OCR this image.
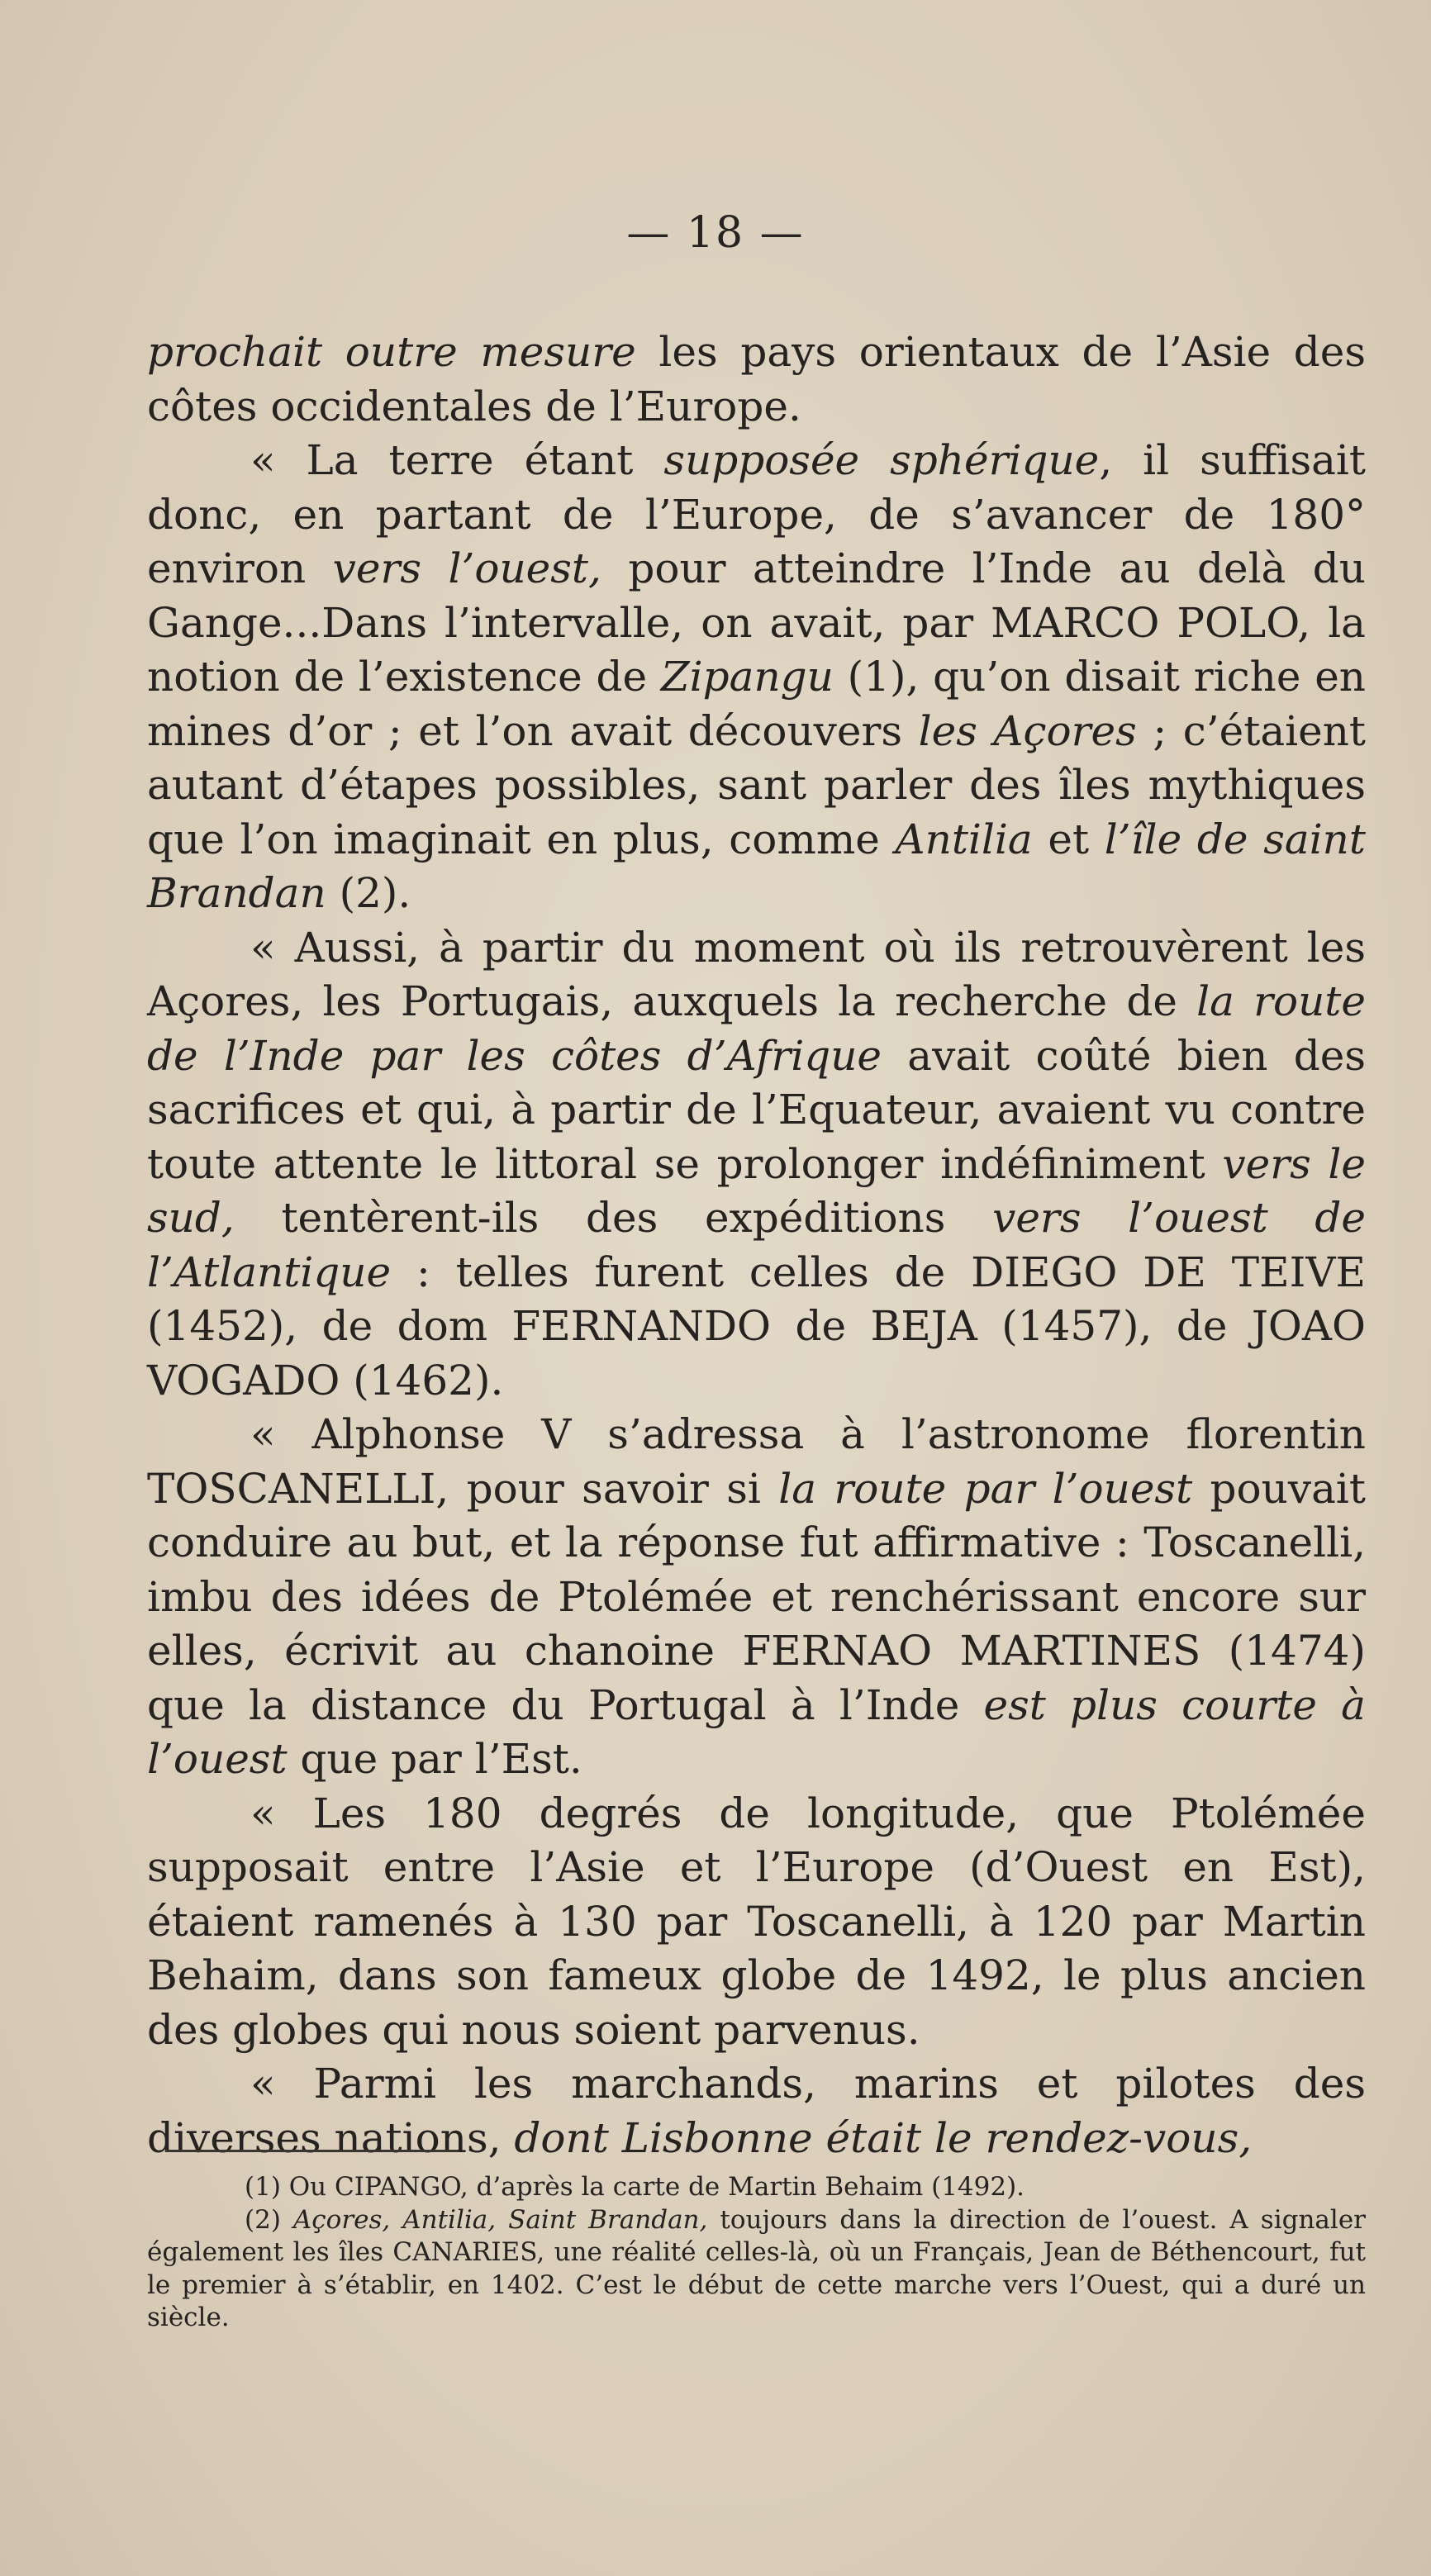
— 18 —

prochait outre mesure les pays orientaux de l’Asie des côtes occidentales de l’Europe.

« La terre étant supposée sphérique, il suffisait donc, en partant de l’Europe, de s’avancer de 180° environ vers l’ouest, pour atteindre l’Inde au delà du Gange...Dans l’intervalle, on avait, par MARCO POLO, la notion de l’existence de Zipangu (1), qu’on disait riche en mines d’or ; et l’on avait découvers les Açores ; c’étaient autant d’étapes possibles, sant parler des îles mythiques que l’on imaginait en plus, comme Antilia et l’île de saint Brandan (2).

« Aussi, à partir du moment où ils retrouvèrent les Açores, les Portugais, auxquels la recherche de la route de l’Inde par les côtes d’Afrique avait coûté bien des sacrifices et qui, à partir de l’Equateur, avaient vu contre toute attente le littoral se prolonger indéfiniment vers le sud, tentèrent-ils des expéditions vers l’ouest de l’Atlantique : telles furent celles de DIEGO DE TEIVE (1452), de dom FERNANDO de BEJA (1457), de JOAO VOGADO (1462).

« Alphonse V s’adressa à l’astronome florentin TOSCANELLI, pour savoir si la route par l’ouest pouvait conduire au but, et la réponse fut affirmative : Toscanelli, imbu des idées de Ptolémée et renchérissant encore sur elles, écrivit au chanoine FERNAO MARTINES (1474) que la distance du Portugal à l’Inde est plus courte à l’ouest que par l’Est.

« Les 180 degrés de longitude, que Ptolémée supposait entre l’Asie et l’Europe (d’Ouest en Est), étaient ramenés à 130 par Toscanelli, à 120 par Martin Behaim, dans son fameux globe de 1492, le plus ancien des globes qui nous soient parvenus.

« Parmi les marchands, marins et pilotes des diverses nations, dont Lisbonne était le rendez-vous,

(1) Ou CIPANGO, d’après la carte de Martin Behaim (1492).

(2) Açores, Antilia, Saint Brandan, toujours dans la direction de l’ouest. A signaler également les îles CANARIES, une réalité celles-là, où un Français, Jean de Béthencourt, fut le premier à s’établir, en 1402. C’est le début de cette marche vers l’Ouest, qui a duré un siècle.
